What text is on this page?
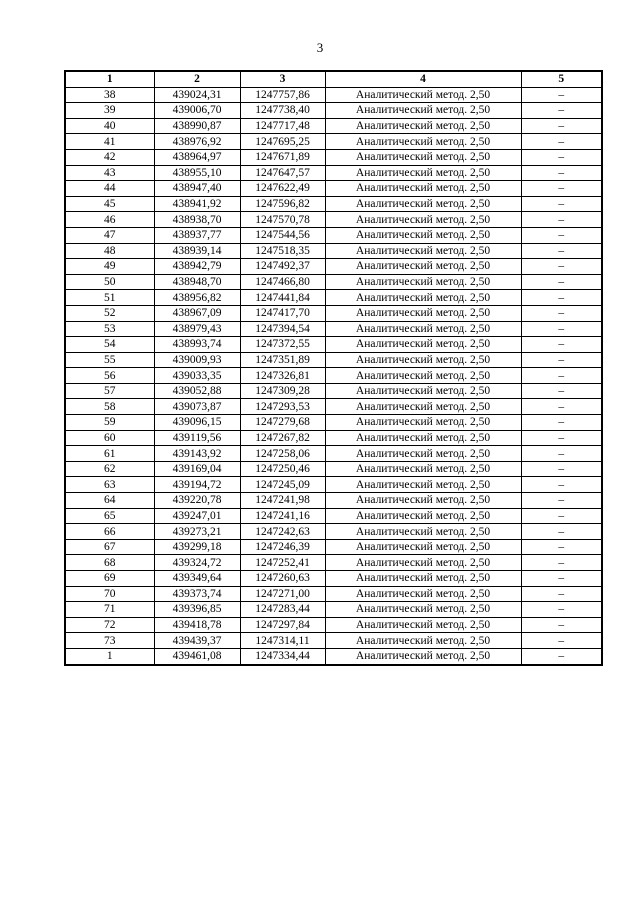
3
1	2	3	4	5
38	439024,31	1247757,86	Аналитический метод. 2,50	–
39	439006,70	1247738,40	Аналитический метод. 2,50	–
40	438990,87	1247717,48	Аналитический метод. 2,50	–
41	438976,92	1247695,25	Аналитический метод. 2,50	–
42	438964,97	1247671,89	Аналитический метод. 2,50	–
43	438955,10	1247647,57	Аналитический метод. 2,50	–
44	438947,40	1247622,49	Аналитический метод. 2,50	–
45	438941,92	1247596,82	Аналитический метод. 2,50	–
46	438938,70	1247570,78	Аналитический метод. 2,50	–
47	438937,77	1247544,56	Аналитический метод. 2,50	–
48	438939,14	1247518,35	Аналитический метод. 2,50	–
49	438942,79	1247492,37	Аналитический метод. 2,50	–
50	438948,70	1247466,80	Аналитический метод. 2,50	–
51	438956,82	1247441,84	Аналитический метод. 2,50	–
52	438967,09	1247417,70	Аналитический метод. 2,50	–
53	438979,43	1247394,54	Аналитический метод. 2,50	–
54	438993,74	1247372,55	Аналитический метод. 2,50	–
55	439009,93	1247351,89	Аналитический метод. 2,50	–
56	439033,35	1247326,81	Аналитический метод. 2,50	–
57	439052,88	1247309,28	Аналитический метод. 2,50	–
58	439073,87	1247293,53	Аналитический метод. 2,50	–
59	439096,15	1247279,68	Аналитический метод. 2,50	–
60	439119,56	1247267,82	Аналитический метод. 2,50	–
61	439143,92	1247258,06	Аналитический метод. 2,50	–
62	439169,04	1247250,46	Аналитический метод. 2,50	–
63	439194,72	1247245,09	Аналитический метод. 2,50	–
64	439220,78	1247241,98	Аналитический метод. 2,50	–
65	439247,01	1247241,16	Аналитический метод. 2,50	–
66	439273,21	1247242,63	Аналитический метод. 2,50	–
67	439299,18	1247246,39	Аналитический метод. 2,50	–
68	439324,72	1247252,41	Аналитический метод. 2,50	–
69	439349,64	1247260,63	Аналитический метод. 2,50	–
70	439373,74	1247271,00	Аналитический метод. 2,50	–
71	439396,85	1247283,44	Аналитический метод. 2,50	–
72	439418,78	1247297,84	Аналитический метод. 2,50	–
73	439439,37	1247314,11	Аналитический метод. 2,50	–
1	439461,08	1247334,44	Аналитический метод. 2,50	–
